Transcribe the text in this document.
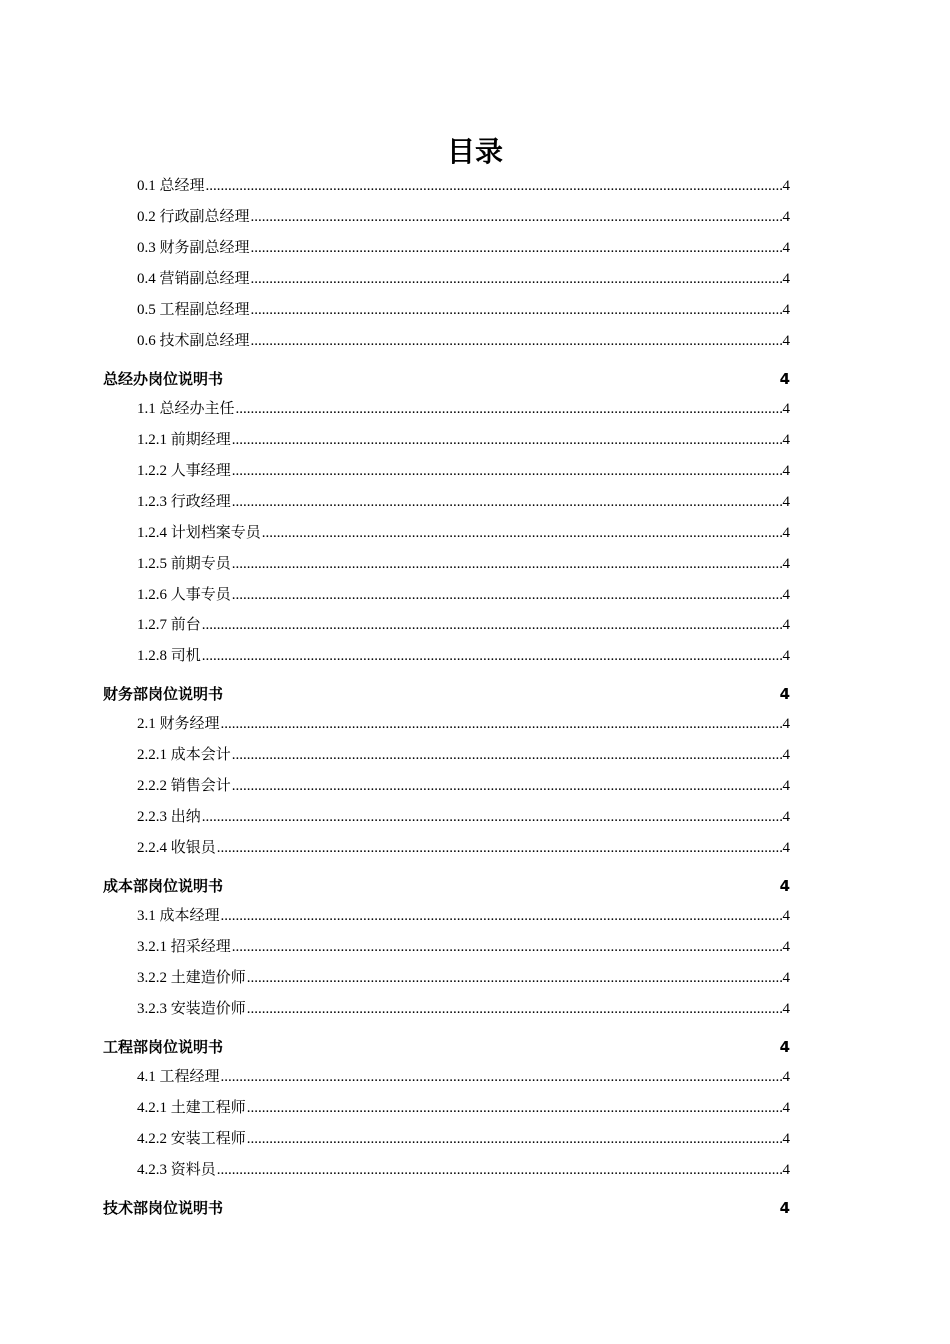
目录
0.1 总经理 .....	4
0.2 行政副总经理 .....	4
0.3 财务副总经理 .....	4
0.4 营销副总经理 .....	4
0.5 工程副总经理 .....	4
0.6 技术副总经理 .....	4
总经办岗位说明书	4
1.1 总经办主任 .....	4
1.2.1 前期经理 .....	4
1.2.2 人事经理 .....	4
1.2.3 行政经理 .....	4
1.2.4 计划档案专员 .....	4
1.2.5 前期专员 .....	4
1.2.6 人事专员 .....	4
1.2.7 前台 .....	4
1.2.8 司机 .....	4
财务部岗位说明书	4
2.1 财务经理 .....	4
2.2.1 成本会计 .....	4
2.2.2 销售会计 .....	4
2.2.3 出纳 .....	4
2.2.4 收银员 .....	4
成本部岗位说明书	4
3.1 成本经理 .....	4
3.2.1 招采经理 .....	4
3.2.2 土建造价师 .....	4
3.2.3 安装造价师 .....	4
工程部岗位说明书	4
4.1 工程经理 .....	4
4.2.1 土建工程师 .....	4
4.2.2 安装工程师 .....	4
4.2.3 资料员 .....	4
技术部岗位说明书	4
